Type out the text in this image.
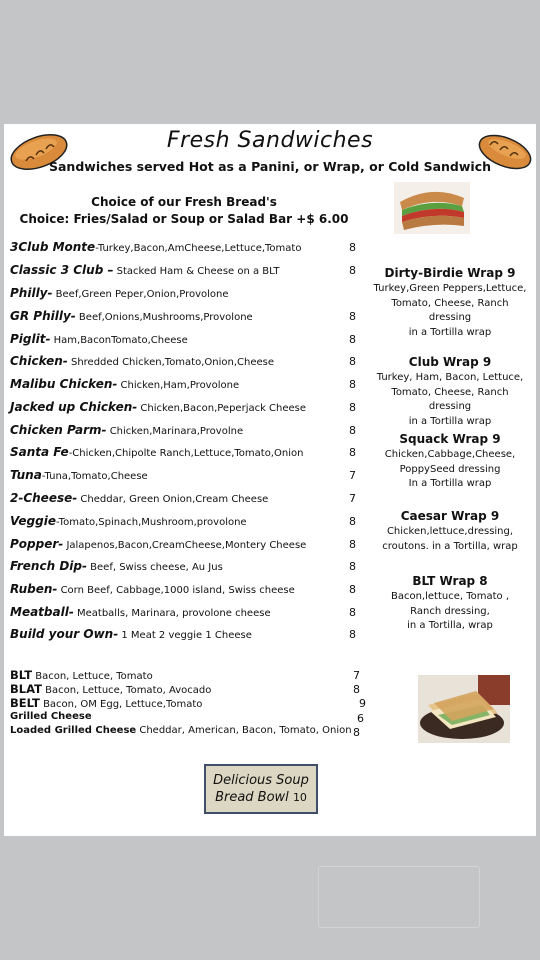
Fresh Sandwiches
Sandwiches served Hot as a Panini, or Wrap, or Cold Sandwich
Choice of our Fresh Bread's
Choice: Fries/Salad or Soup or Salad Bar +$ 6.00
3Club Monte-Turkey,Bacon,AmCheese,Lettuce,Tomato	8
Classic 3 Club – Stacked Ham & Cheese on a BLT	8
Philly- Beef,Green Peper,Onion,Provolone
GR Philly- Beef,Onions,Mushrooms,Provolone	8
Piglit- Ham,BaconTomato,Cheese	8
Chicken- Shredded Chicken,Tomato,Onion,Cheese	8
Malibu Chicken- Chicken,Ham,Provolone	8
Jacked up Chicken- Chicken,Bacon,Peperjack Cheese	8
Chicken Parm- Chicken,Marinara,Provolne	8
Santa Fe-Chicken,Chipolte Ranch,Lettuce,Tomato,Onion	8
Tuna-Tuna,Tomato,Cheese	7
2-Cheese- Cheddar, Green Onion,Cream Cheese	7
Veggie-Tomato,Spinach,Mushroom,provolone	8
Popper- Jalapenos,Bacon,CreamCheese,Montery Cheese	8
French Dip- Beef, Swiss cheese, Au Jus	8
Ruben- Corn Beef, Cabbage,1000 island, Swiss cheese	8
Meatball- Meatballs, Marinara, provolone cheese	8
Build your Own- 1 Meat 2 veggie 1 Cheese	8
BLT Bacon, Lettuce, Tomato	7
BLAT Bacon, Lettuce, Tomato, Avocado	8
BELT Bacon, OM Egg, Lettuce,Tomato	9
Grilled Cheese	6
Loaded Grilled Cheese Cheddar, American, Bacon, Tomato, Onion 8
Dirty-Birdie Wrap 9
Turkey,Green Peppers,Lettuce,
Tomato, Cheese, Ranch
dressing
in a Tortilla wrap
Club Wrap 9
Turkey, Ham, Bacon, Lettuce,
Tomato, Cheese, Ranch dressing
in a Tortilla wrap
Squack Wrap 9
Chicken,Cabbage,Cheese,
PoppySeed dressing
In a Tortilla wrap
Caesar Wrap 9
Chicken,lettuce,dressing,
croutons. in a Tortilla, wrap
BLT Wrap 8
Bacon,lettuce, Tomato ,
Ranch dressing,
in a Tortilla, wrap
Delicious Soup
Bread Bowl 10
